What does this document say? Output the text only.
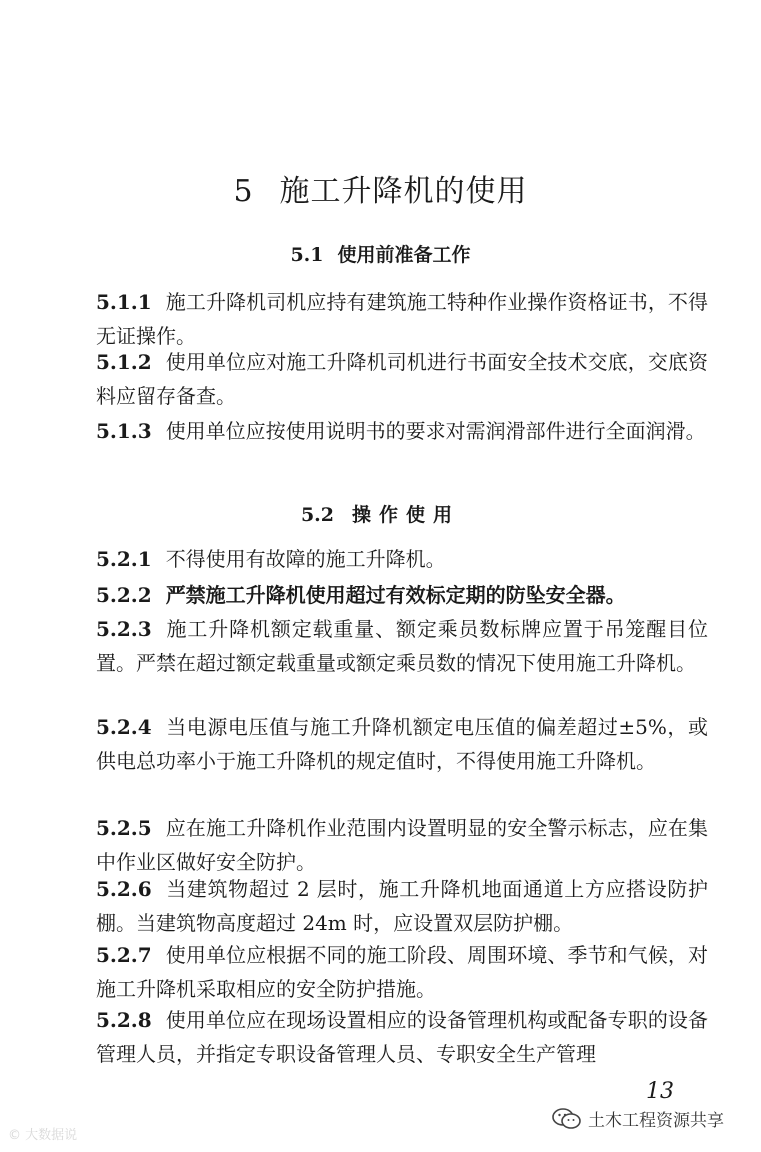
5 施工升降机的使用
5.1 使用前准备工作
5.1.1 施工升降机司机应持有建筑施工特种作业操作资格证书，不得无证操作。
5.1.2 使用单位应对施工升降机司机进行书面安全技术交底，交底资料应留存备查。
5.1.3 使用单位应按使用说明书的要求对需润滑部件进行全面润滑。
5.2 操作使用
5.2.1 不得使用有故障的施工升降机。
5.2.2 严禁施工升降机使用超过有效标定期的防坠安全器。
5.2.3 施工升降机额定载重量、额定乘员数标牌应置于吊笼醒目位置。严禁在超过额定载重量或额定乘员数的情况下使用施工升降机。
5.2.4 当电源电压值与施工升降机额定电压值的偏差超过±5%，或供电总功率小于施工升降机的规定值时，不得使用施工升降机。
5.2.5 应在施工升降机作业范围内设置明显的安全警示标志，应在集中作业区做好安全防护。
5.2.6 当建筑物超过 2 层时，施工升降机地面通道上方应搭设防护棚。当建筑物高度超过 24m 时，应设置双层防护棚。
5.2.7 使用单位应根据不同的施工阶段、周围环境、季节和气候，对施工升降机采取相应的安全防护措施。
5.2.8 使用单位应在现场设置相应的设备管理机构或配备专职的设备管理人员，并指定专职设备管理人员、专职安全生产管理
13
© 大数据说
土木工程资源共享
